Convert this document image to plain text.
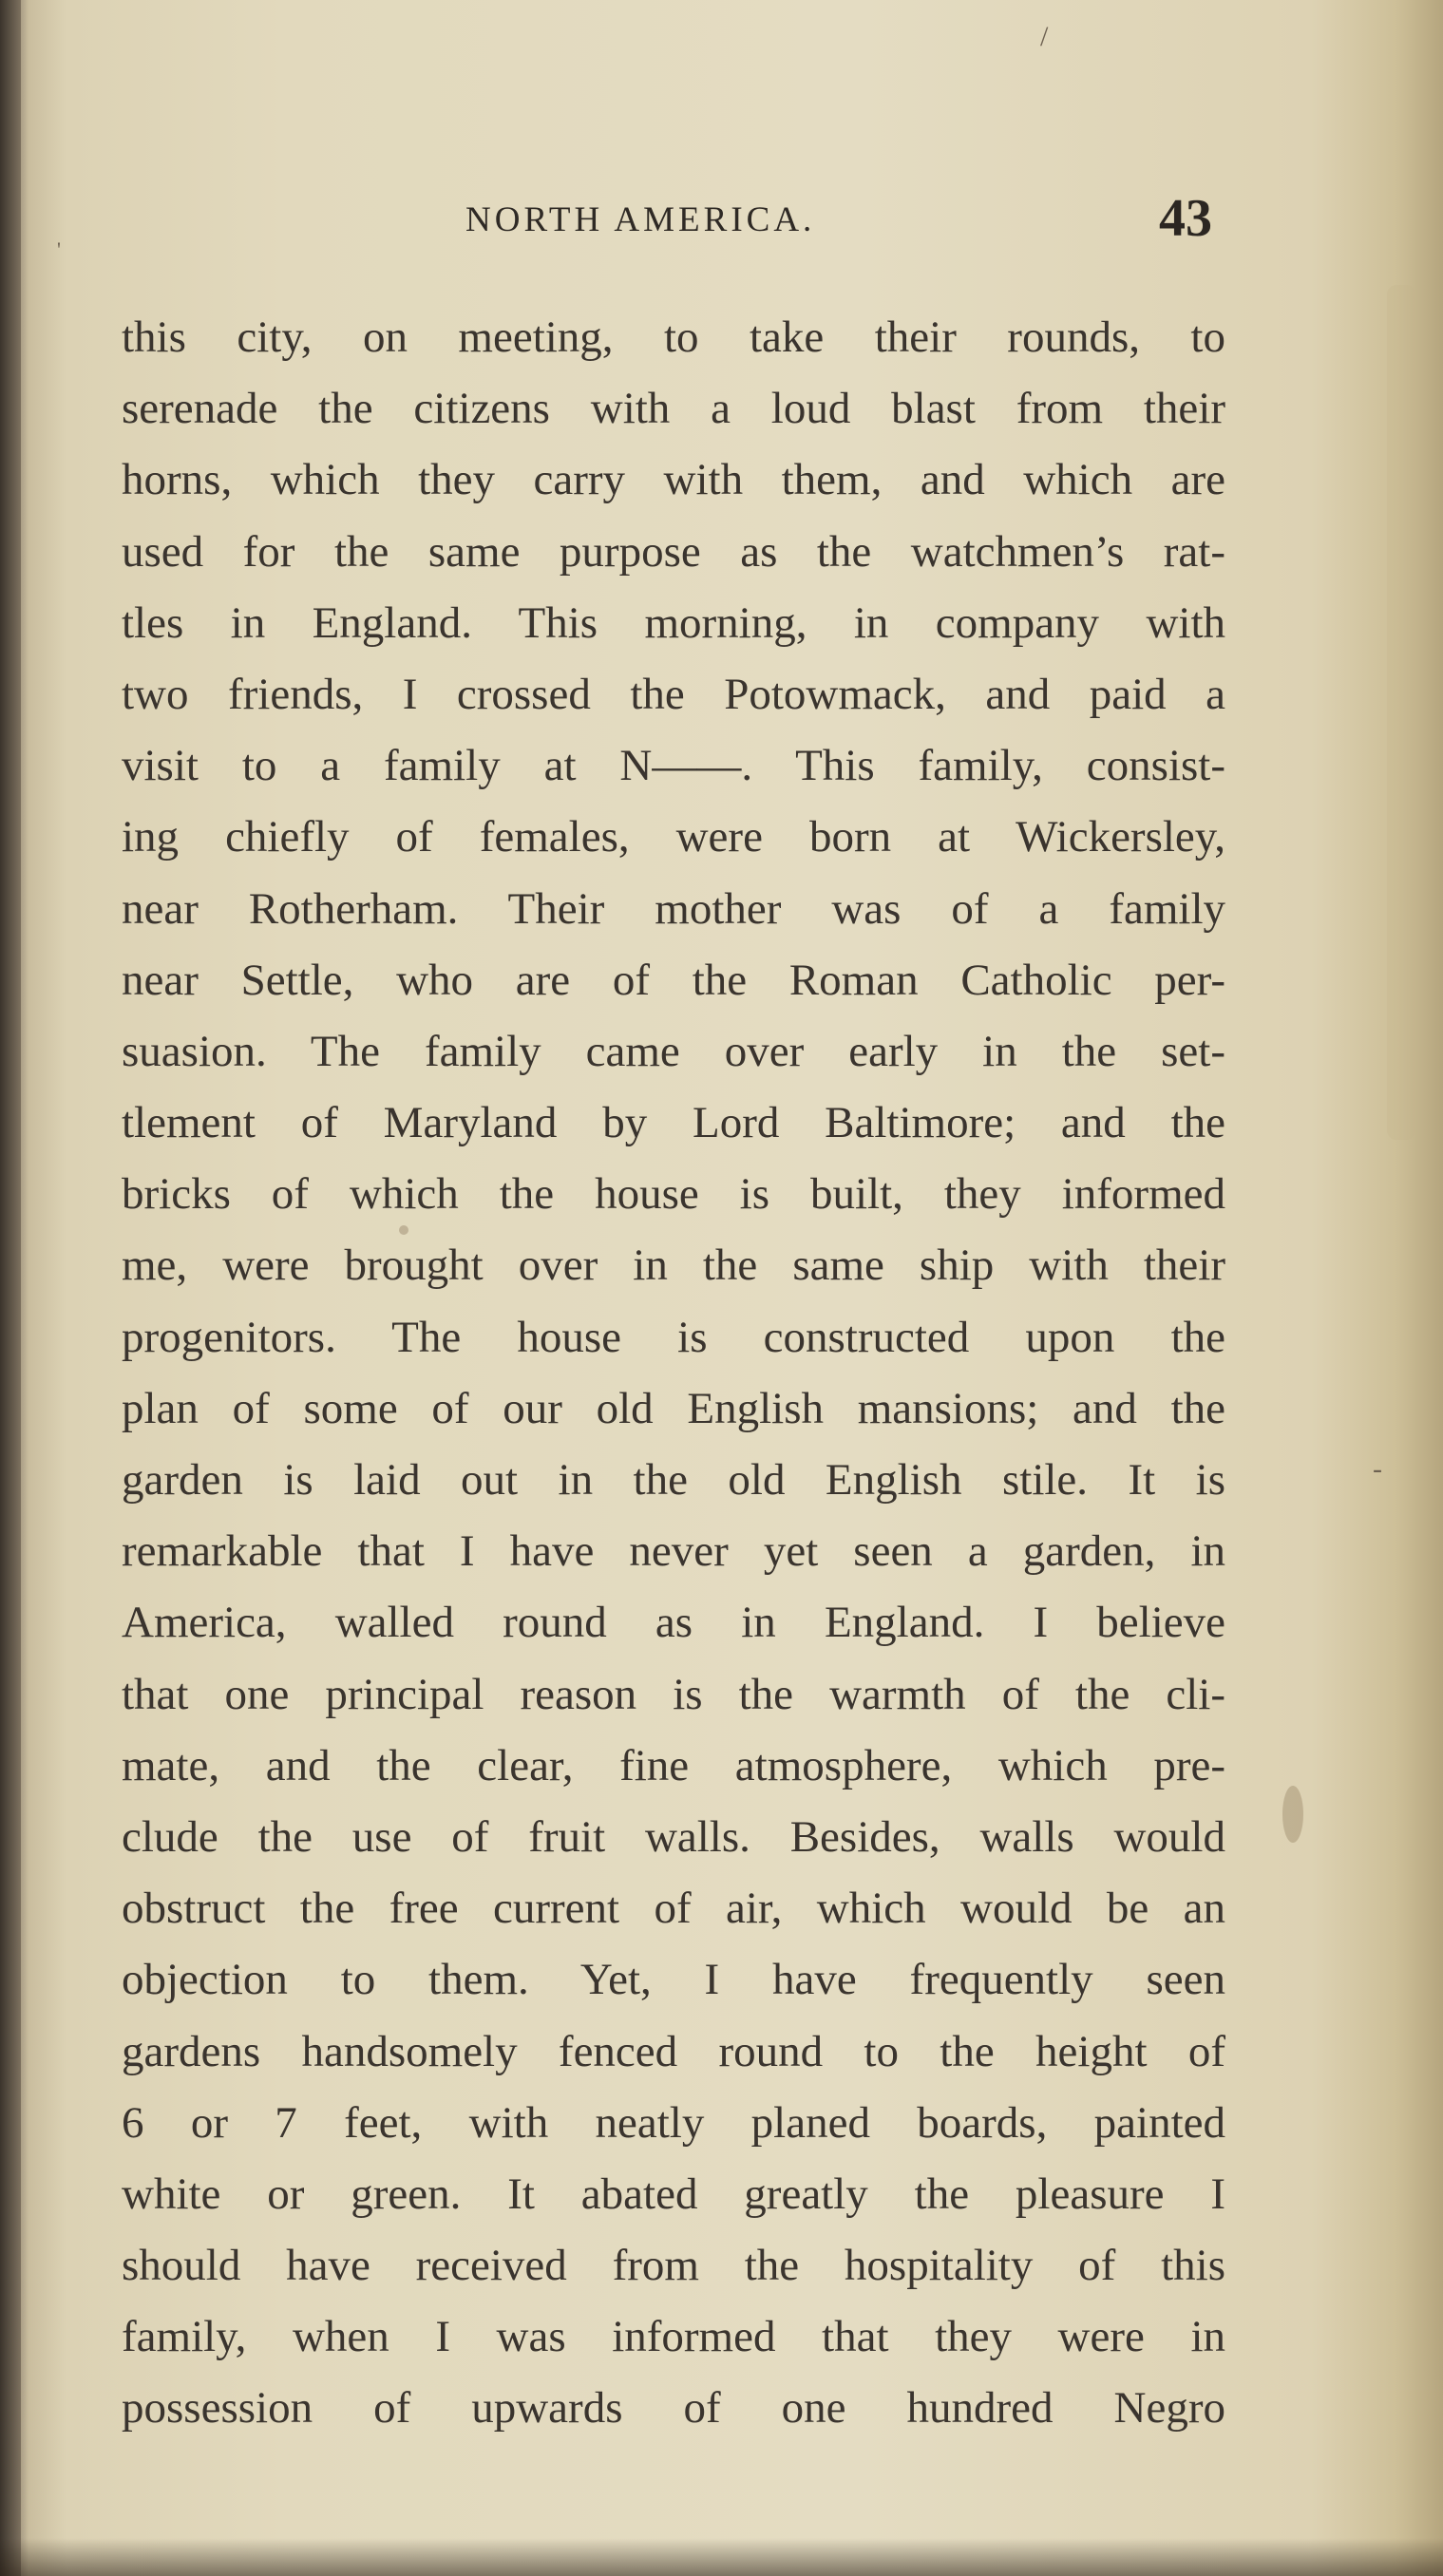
/
-
'
NORTH AMERICA.	43
this city, on meeting, to take their rounds, to
serenade the citizens with a loud blast from their
horns, which they carry with them, and which are
used for the same purpose as the watchmen’s rat-
tles in England. This morning, in company with
two friends, I crossed the Potowmack, and paid a
visit to a family at N——. This family, consist-
ing chiefly of females, were born at Wickersley,
near Rotherham. Their mother was of a family
near Settle, who are of the Roman Catholic per-
suasion. The family came over early in the set-
tlement of Maryland by Lord Baltimore; and the
bricks of which the house is built, they informed
me, were brought over in the same ship with their
progenitors. The house is constructed upon the
plan of some of our old English mansions; and the
garden is laid out in the old English stile. It is
remarkable that I have never yet seen a garden, in
America, walled round as in England. I believe
that one principal reason is the warmth of the cli-
mate, and the clear, fine atmosphere, which pre-
clude the use of fruit walls. Besides, walls would
obstruct the free current of air, which would be an
objection to them. Yet, I have frequently seen
gardens handsomely fenced round to the height of
6 or 7 feet, with neatly planed boards, painted
white or green. It abated greatly the pleasure I
should have received from the hospitality of this
family, when I was informed that they were in
possession of upwards of one hundred Negro
